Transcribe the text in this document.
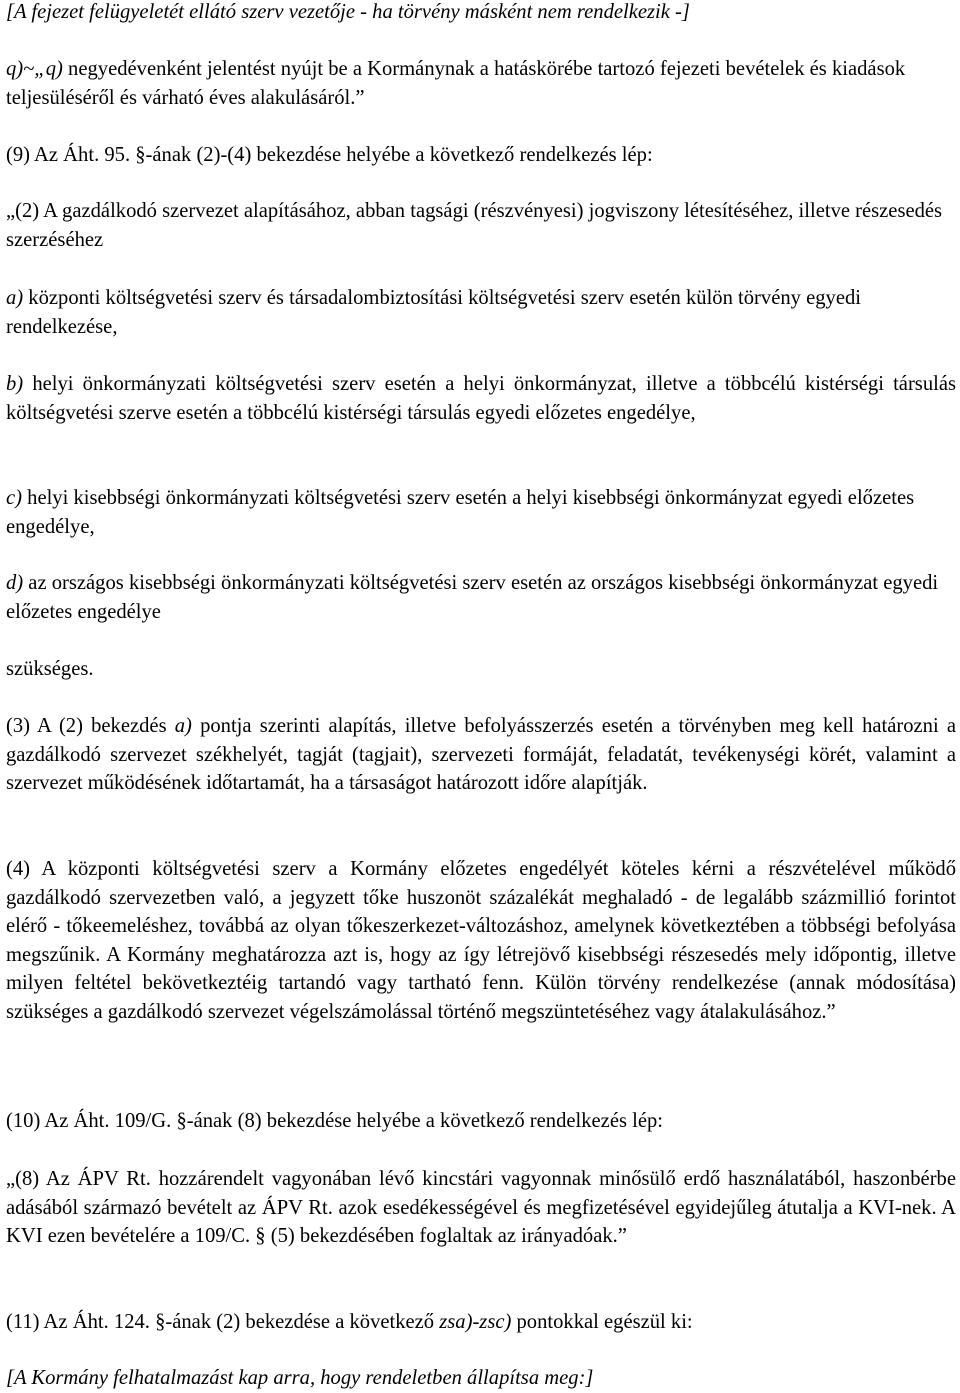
[A fejezet felügyeletét ellátó szerv vezetője - ha törvény másként nem rendelkezik -]

q)~„q) negyedévenként jelentést nyújt be a Kormánynak a hatáskörébe tartozó fejezeti bevételek és kiadások teljesüléséről és várható éves alakulásáról.”

(9) Az Áht. 95. §-ának (2)-(4) bekezdése helyébe a következő rendelkezés lép:

„(2) A gazdálkodó szervezet alapításához, abban tagsági (részvényesi) jogviszony létesítéséhez, illetve részesedés szerzéséhez

a) központi költségvetési szerv és társadalombiztosítási költségvetési szerv esetén külön törvény egyedi rendelkezése,

b) helyi önkormányzati költségvetési szerv esetén a helyi önkormányzat, illetve a többcélú kistérségi társulás költségvetési szerve esetén a többcélú kistérségi társulás egyedi előzetes engedélye,

c) helyi kisebbségi önkormányzati költségvetési szerv esetén a helyi kisebbségi önkormányzat egyedi előzetes engedélye,

d) az országos kisebbségi önkormányzati költségvetési szerv esetén az országos kisebbségi önkormányzat egyedi előzetes engedélye

szükséges.

(3) A (2) bekezdés a) pontja szerinti alapítás, illetve befolyásszerzés esetén a törvényben meg kell határozni a gazdálkodó szervezet székhelyét, tagját (tagjait), szervezeti formáját, feladatát, tevékenységi körét, valamint a szervezet működésének időtartamát, ha a társaságot határozott időre alapítják.

(4) A központi költségvetési szerv a Kormány előzetes engedélyét köteles kérni a részvételével működő gazdálkodó szervezetben való, a jegyzett tőke huszonöt százalékát meghaladó - de legalább százmillió forintot elérő - tőkeemeléshez, továbbá az olyan tőkeszerkezet-változáshoz, amelynek következtében a többségi befolyása megszűnik. A Kormány meghatározza azt is, hogy az így létrejövő kisebbségi részesedés mely időpontig, illetve milyen feltétel bekövetkeztéig tartandó vagy tartható fenn. Külön törvény rendelkezése (annak módosítása) szükséges a gazdálkodó szervezet végelszámolással történő megszüntetéséhez vagy átalakulásához.”

(10) Az Áht. 109/G. §-ának (8) bekezdése helyébe a következő rendelkezés lép:

„(8) Az ÁPV Rt. hozzárendelt vagyonában lévő kincstári vagyonnak minősülő erdő használatából, haszonbérbe adásából származó bevételt az ÁPV Rt. azok esedékességével és megfizetésével egyidejűleg átutalja a KVI-nek. A KVI ezen bevételére a 109/C. § (5) bekezdésében foglaltak az irányadóak.”

(11) Az Áht. 124. §-ának (2) bekezdése a következő zsa)-zsc) pontokkal egészül ki:

[A Kormány felhatalmazást kap arra, hogy rendeletben állapítsa meg:]
